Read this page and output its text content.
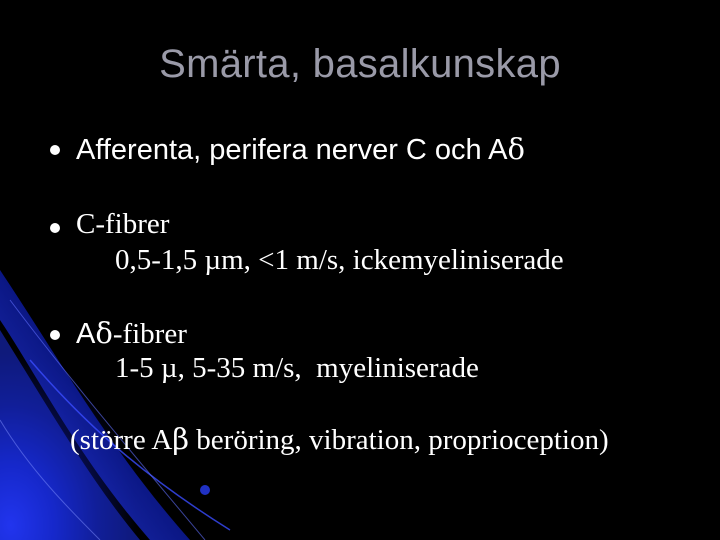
Smärta, basalkunskap
Afferenta, perifera nerver C och Aδ
C-fibrer
0,5-1,5 µm, <1 m/s, ickemyeliniserade
Aδ-fibrer
1-5 µ, 5-35 m/s,  myeliniserade
(större Aβ beröring, vibration, proprioception)
